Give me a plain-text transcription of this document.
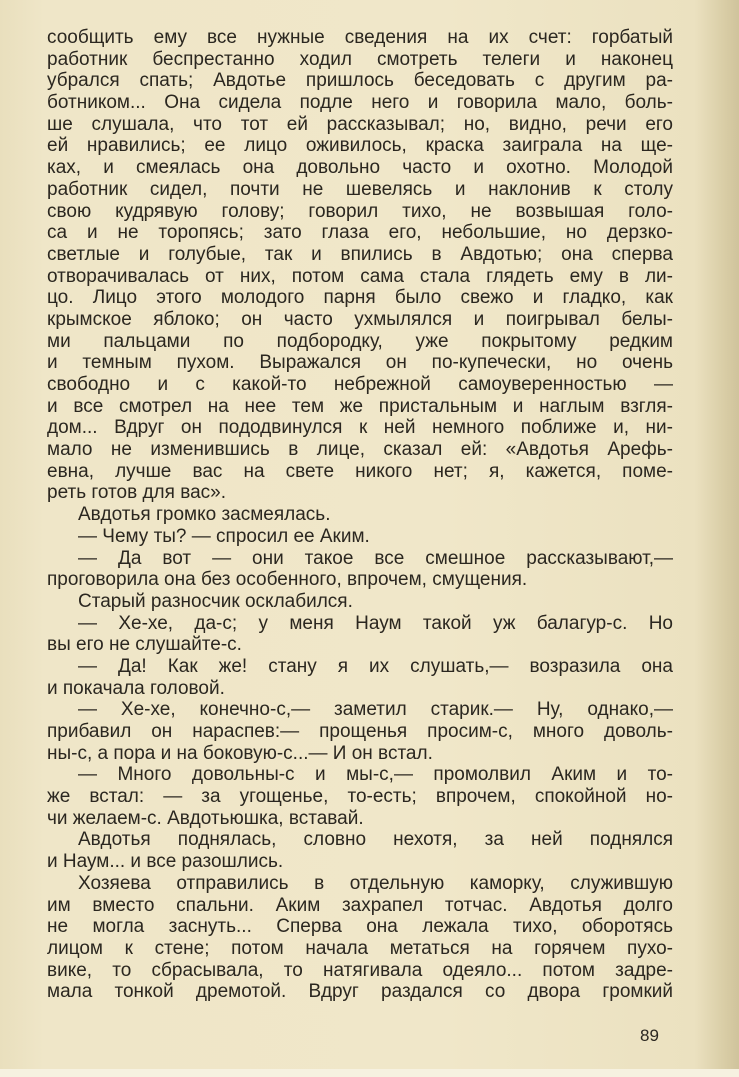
сообщить ему все нужные сведения на их счет: горбатый
работник беспрестанно ходил смотреть телеги и наконец
убрался спать; Авдотье пришлось беседовать с другим ра-
ботником... Она сидела подле него и говорила мало, боль-
ше слушала, что тот ей рассказывал; но, видно, речи его
ей нравились; ее лицо оживилось, краска заиграла на ще-
ках, и смеялась она довольно часто и охотно. Молодой
работник сидел, почти не шевелясь и наклонив к столу
свою кудрявую голову; говорил тихо, не возвышая голо-
са и не торопясь; зато глаза его, небольшие, но дерзко-
светлые и голубые, так и впились в Авдотью; она сперва
отворачивалась от них, потом сама стала глядеть ему в ли-
цо. Лицо этого молодого парня было свежо и гладко, как
крымское яблоко; он часто ухмылялся и поигрывал белы-
ми пальцами по подбородку, уже покрытому редким
и темным пухом. Выражался он по-купечески, но очень
свободно и с какой-то небрежной самоуверенностью —
и все смотрел на нее тем же пристальным и наглым взгля-
дом... Вдруг он пододвинулся к ней немного поближе и, ни-
мало не изменившись в лице, сказал ей: «Авдотья Арефь-
евна, лучше вас на свете никого нет; я, кажется, поме-
реть готов для вас».
Авдотья громко засмеялась.
— Чему ты? — спросил ее Аким.
— Да вот — они такое все смешное рассказывают,—
проговорила она без особенного, впрочем, смущения.
Старый разносчик осклабился.
— Хе-хе, да-с; у меня Наум такой уж балагур-с. Но
вы его не слушайте-с.
— Да! Как же! стану я их слушать,— возразила она
и покачала головой.
— Хе-хе, конечно-с,— заметил старик.— Ну, однако,—
прибавил он нараспев:— прощенья просим-с, много доволь-
ны-с, а пора и на боковую-с...— И он встал.
— Много довольны-с и мы-с,— промолвил Аким и то-
же встал: — за угощенье, то-есть; впрочем, спокойной но-
чи желаем-с. Авдотьюшка, вставай.
Авдотья поднялась, словно нехотя, за ней поднялся
и Наум... и все разошлись.
Хозяева отправились в отдельную каморку, служившую
им вместо спальни. Аким захрапел тотчас. Авдотья долго
не могла заснуть... Сперва она лежала тихо, оборотясь
лицом к стене; потом начала метаться на горячем пухо-
вике, то сбрасывала, то натягивала одеяло... потом задре-
мала тонкой дремотой. Вдруг раздался со двора громкий
89
